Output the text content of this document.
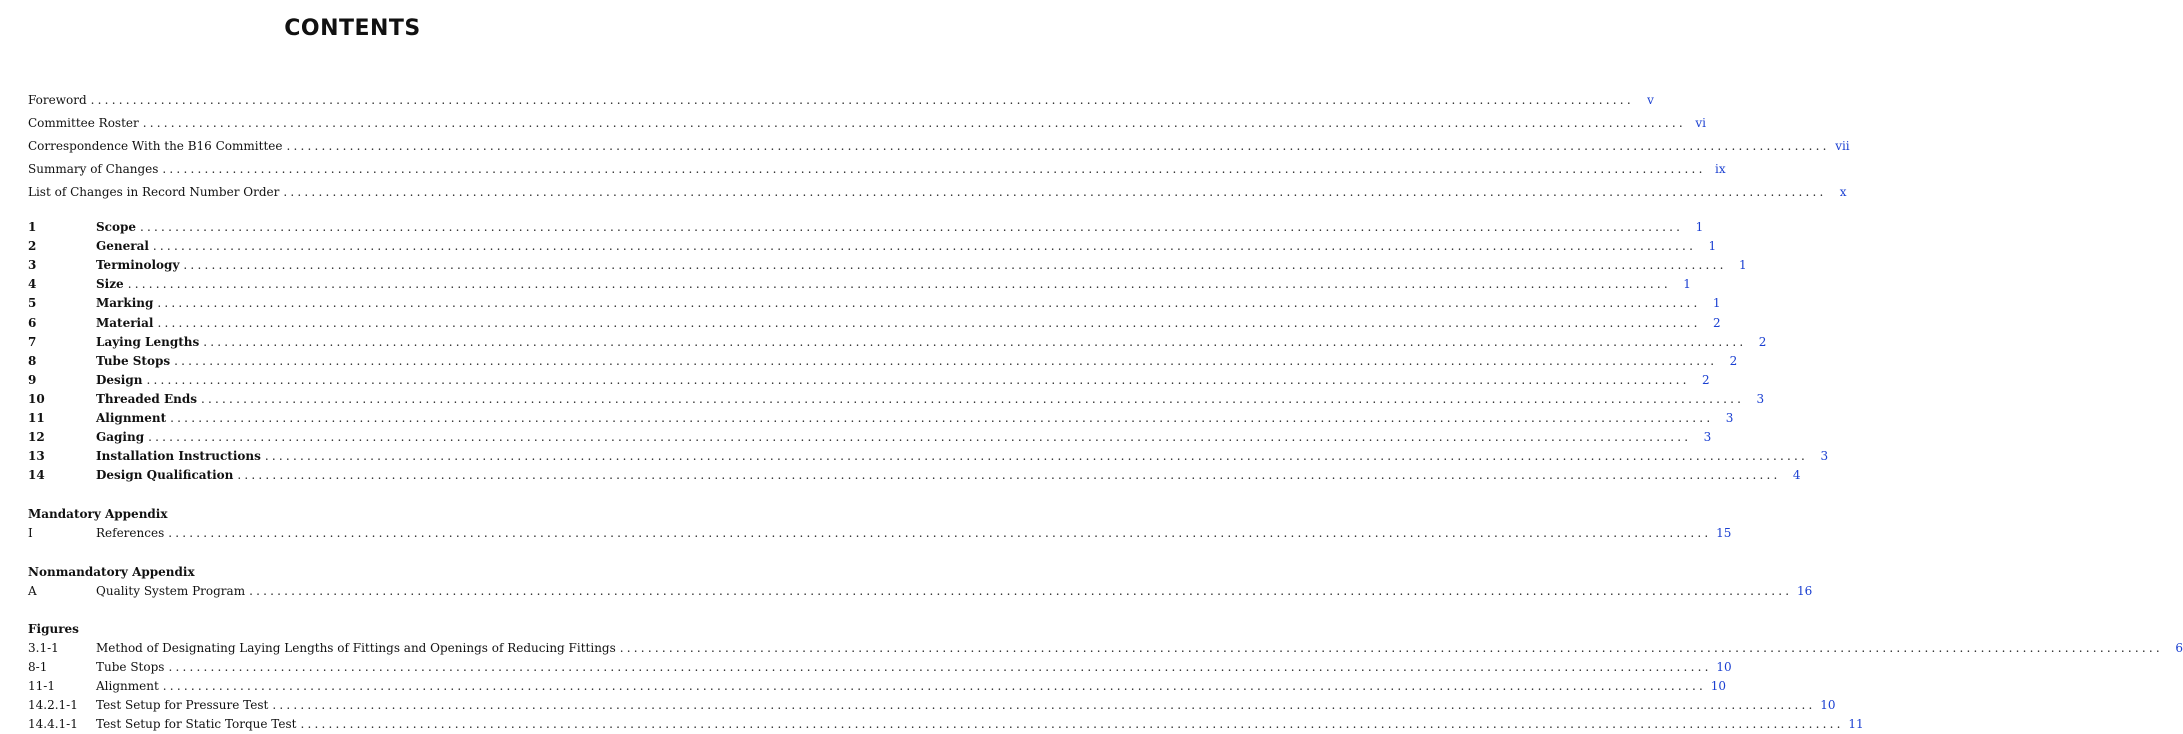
CONTENTS
Foreword ............................................................................................................................................................................................................................	v
Committee Roster ............................................................................................................................................................................................................................ vi
Correspondence With the B16 Committee ............................................................................................................................................................................................................................ vii
Summary of Changes ............................................................................................................................................................................................................................ ix
List of Changes in Record Number Order ............................................................................................................................................................................................................................	x
1	Scope ............................................................................................................................................................................................................................	1
2	General ............................................................................................................................................................................................................................	1
3	Terminology ............................................................................................................................................................................................................................	1
4	Size ............................................................................................................................................................................................................................	1
5	Marking ............................................................................................................................................................................................................................	1
6	Material ............................................................................................................................................................................................................................	2
7	Laying Lengths ............................................................................................................................................................................................................................	2
8	Tube Stops ............................................................................................................................................................................................................................	2
9	Design ............................................................................................................................................................................................................................	2
10	Threaded Ends ............................................................................................................................................................................................................................	3
11	Alignment ............................................................................................................................................................................................................................	3
12	Gaging ............................................................................................................................................................................................................................	3
13	Installation Instructions ............................................................................................................................................................................................................................	3
14	Design Qualification ............................................................................................................................................................................................................................	4
Mandatory Appendix
I	References ............................................................................................................................................................................................................................ 15
Nonmandatory Appendix
A	Quality System Program ............................................................................................................................................................................................................................ 16
Figures
3.1-1	Method of Designating Laying Lengths of Fittings and Openings of Reducing Fittings ............................................................................................................................................................................................................................	6
8-1	Tube Stops ............................................................................................................................................................................................................................ 10
11-1	Alignment ............................................................................................................................................................................................................................ 10
14.2.1-1	Test Setup for Pressure Test ............................................................................................................................................................................................................................ 10
14.4.1-1	Test Setup for Static Torque Test ............................................................................................................................................................................................................................ 11
